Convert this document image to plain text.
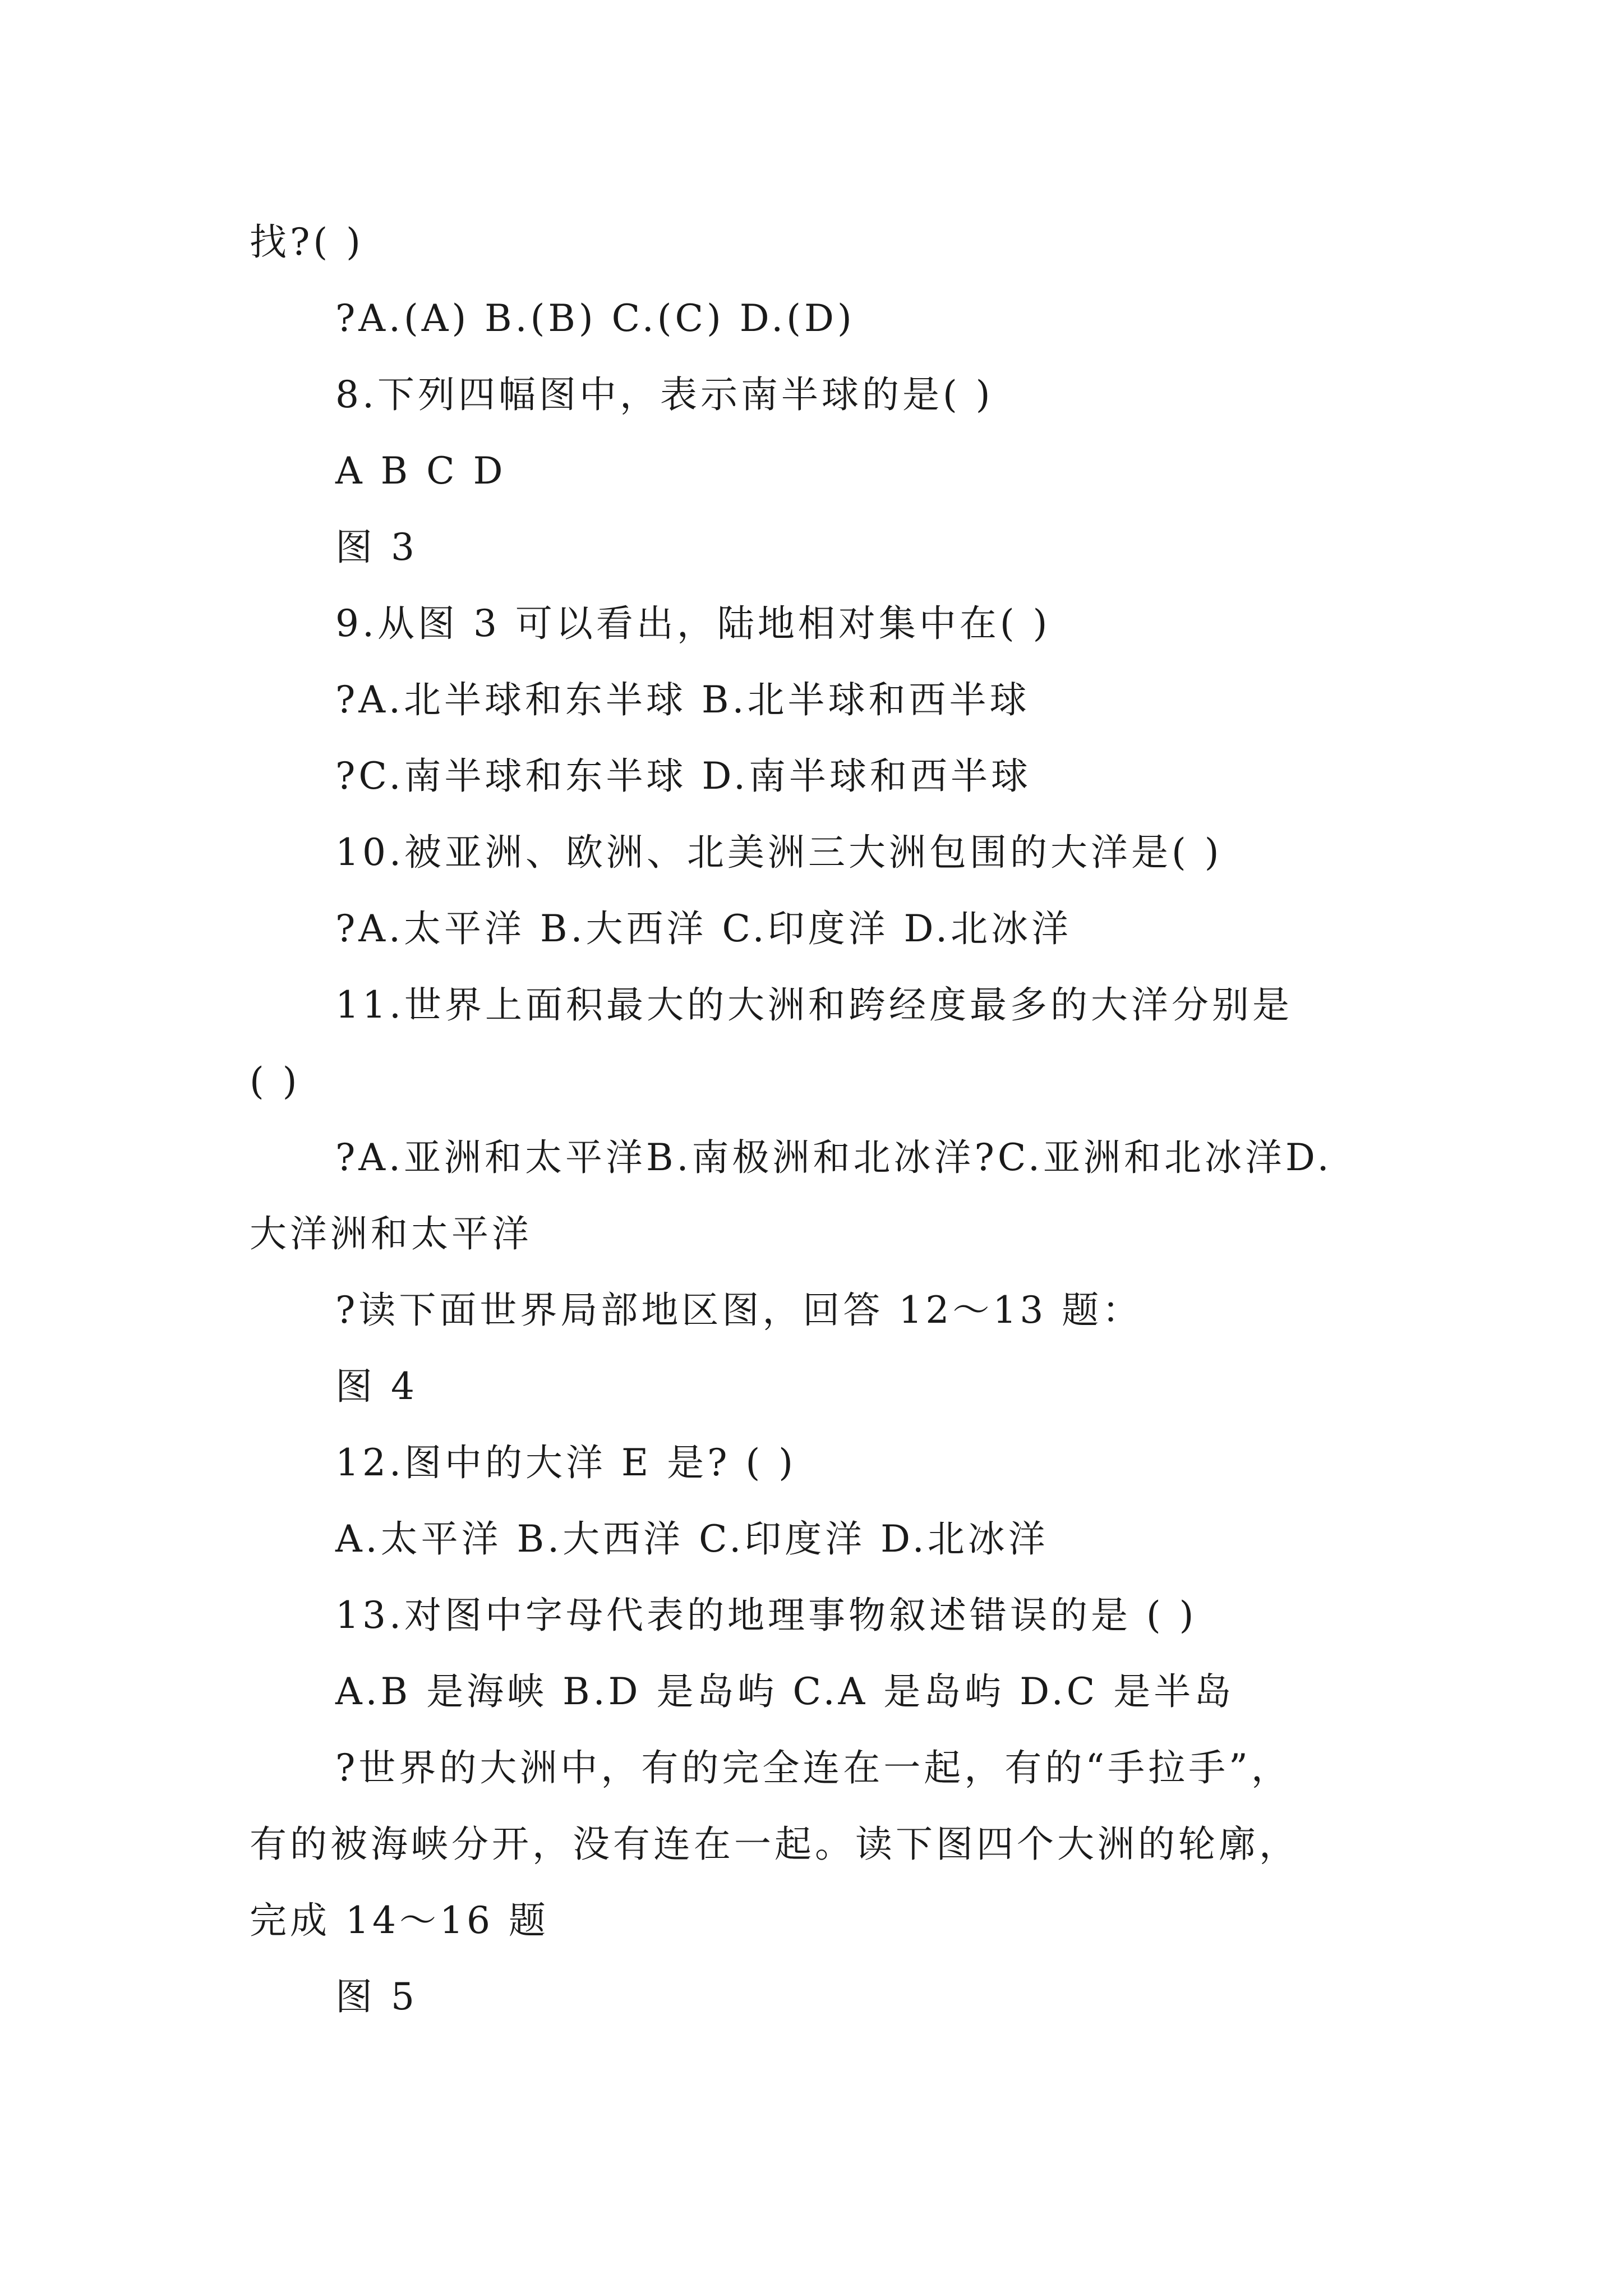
找?( )
?A.(A) B.(B) C.(C) D.(D)
8.下列四幅图中，表示南半球的是( )
A B C D
图 3
9.从图 3 可以看出，陆地相对集中在( )
?A.北半球和东半球 B.北半球和西半球
?C.南半球和东半球 D.南半球和西半球
10.被亚洲、欧洲、北美洲三大洲包围的大洋是( )
?A.太平洋 B.大西洋 C.印度洋 D.北冰洋
11.世界上面积最大的大洲和跨经度最多的大洋分别是
( )
?A.亚洲和太平洋B.南极洲和北冰洋?C.亚洲和北冰洋D.
大洋洲和太平洋
?读下面世界局部地区图，回答 12～13 题：
图 4
12.图中的大洋 E 是? ( )
A.太平洋 B.大西洋 C.印度洋 D.北冰洋
13.对图中字母代表的地理事物叙述错误的是 ( )
A.B 是海峡 B.D 是岛屿 C.A 是岛屿 D.C 是半岛
?世界的大洲中，有的完全连在一起，有的“手拉手”，
有的被海峡分开，没有连在一起。读下图四个大洲的轮廓，
完成 14～16 题
图 5
